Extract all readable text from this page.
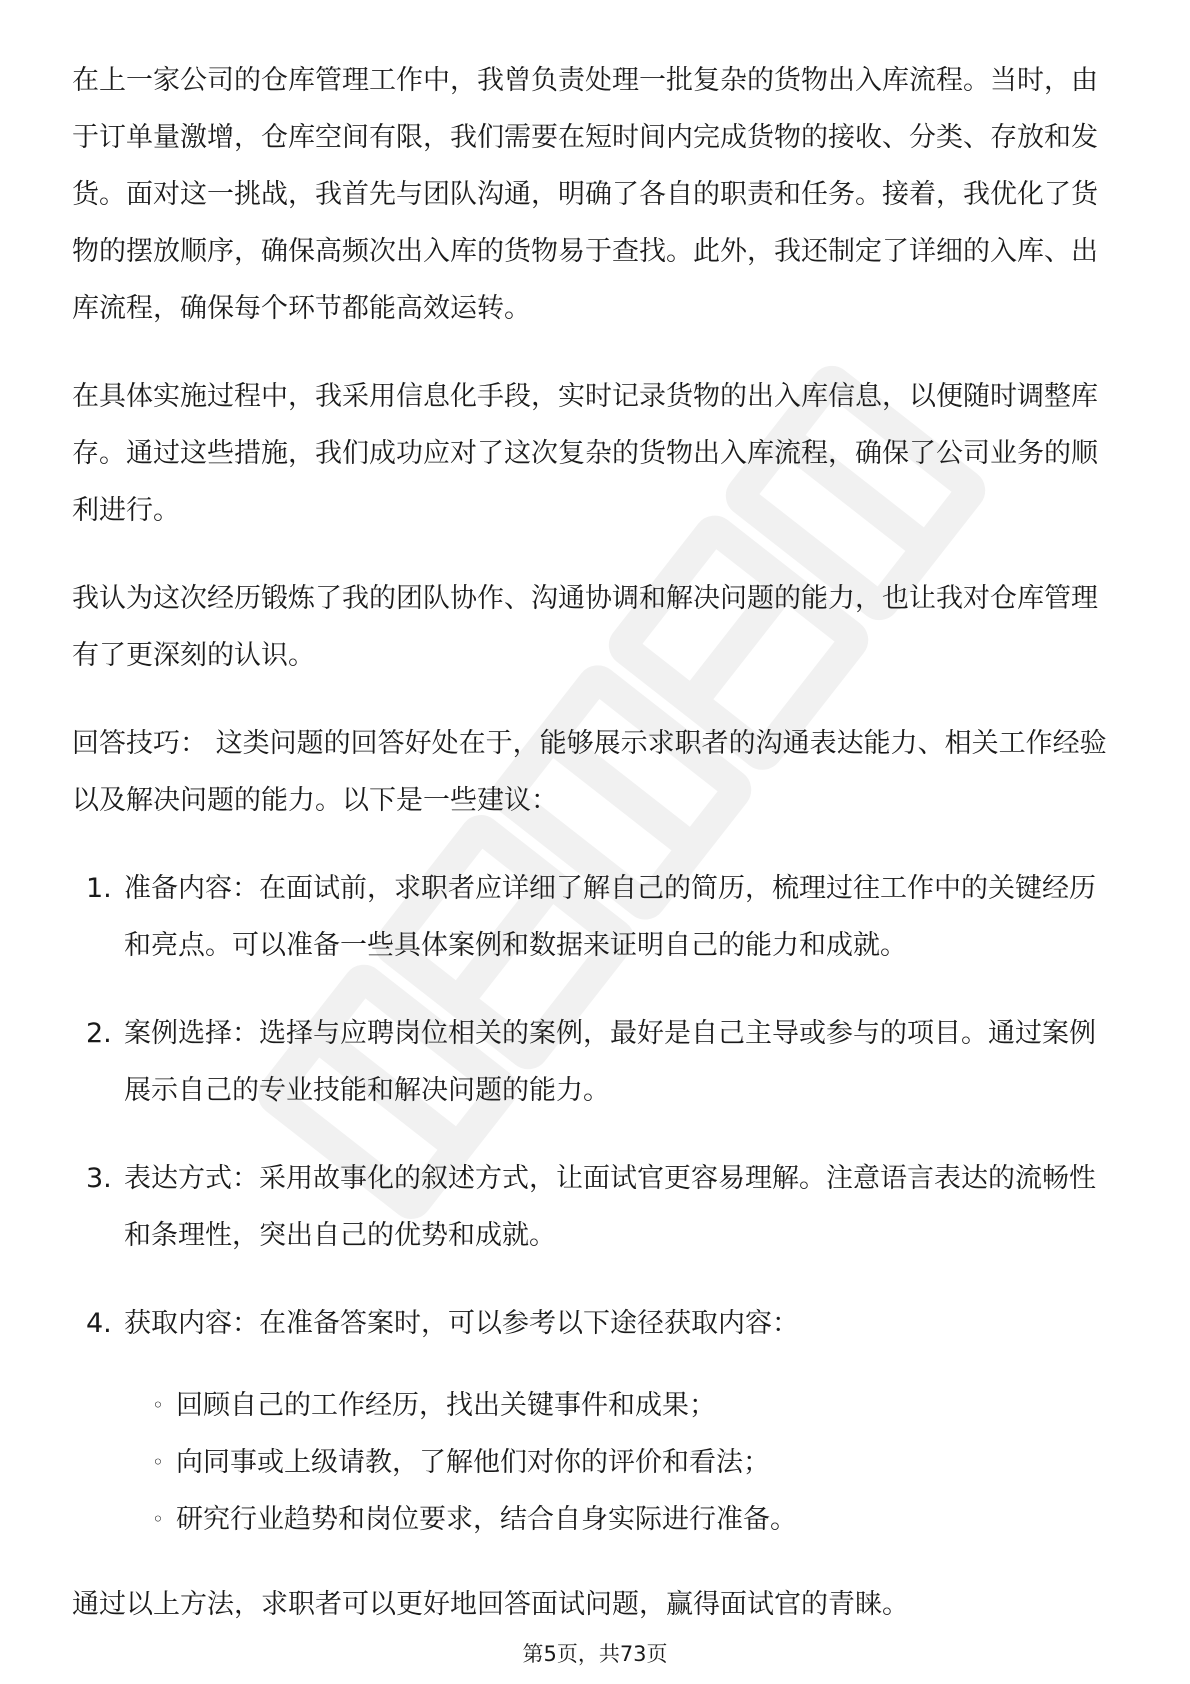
在上一家公司的仓库管理工作中，我曾负责处理一批复杂的货物出入库流程。当时，由于订单量激增，仓库空间有限，我们需要在短时间内完成货物的接收、分类、存放和发货。面对这一挑战，我首先与团队沟通，明确了各自的职责和任务。接着，我优化了货物的摆放顺序，确保高频次出入库的货物易于查找。此外，我还制定了详细的入库、出库流程，确保每个环节都能高效运转。

在具体实施过程中，我采用信息化手段，实时记录货物的出入库信息，以便随时调整库存。通过这些措施，我们成功应对了这次复杂的货物出入库流程，确保了公司业务的顺利进行。

我认为这次经历锻炼了我的团队协作、沟通协调和解决问题的能力，也让我对仓库管理有了更深刻的认识。

回答技巧： 这类问题的回答好处在于，能够展示求职者的沟通表达能力、相关工作经验以及解决问题的能力。以下是一些建议：

1. 准备内容：在面试前，求职者应详细了解自己的简历，梳理过往工作中的关键经历和亮点。可以准备一些具体案例和数据来证明自己的能力和成就。
2. 案例选择：选择与应聘岗位相关的案例，最好是自己主导或参与的项目。通过案例展示自己的专业技能和解决问题的能力。
3. 表达方式：采用故事化的叙述方式，让面试官更容易理解。注意语言表达的流畅性和条理性，突出自己的优势和成就。
4. 获取内容：在准备答案时，可以参考以下途径获取内容：
◦ 回顾自己的工作经历，找出关键事件和成果；
◦ 向同事或上级请教，了解他们对你的评价和看法；
◦ 研究行业趋势和岗位要求，结合自身实际进行准备。

通过以上方法，求职者可以更好地回答面试问题，赢得面试官的青睐。

第5页，共73页
